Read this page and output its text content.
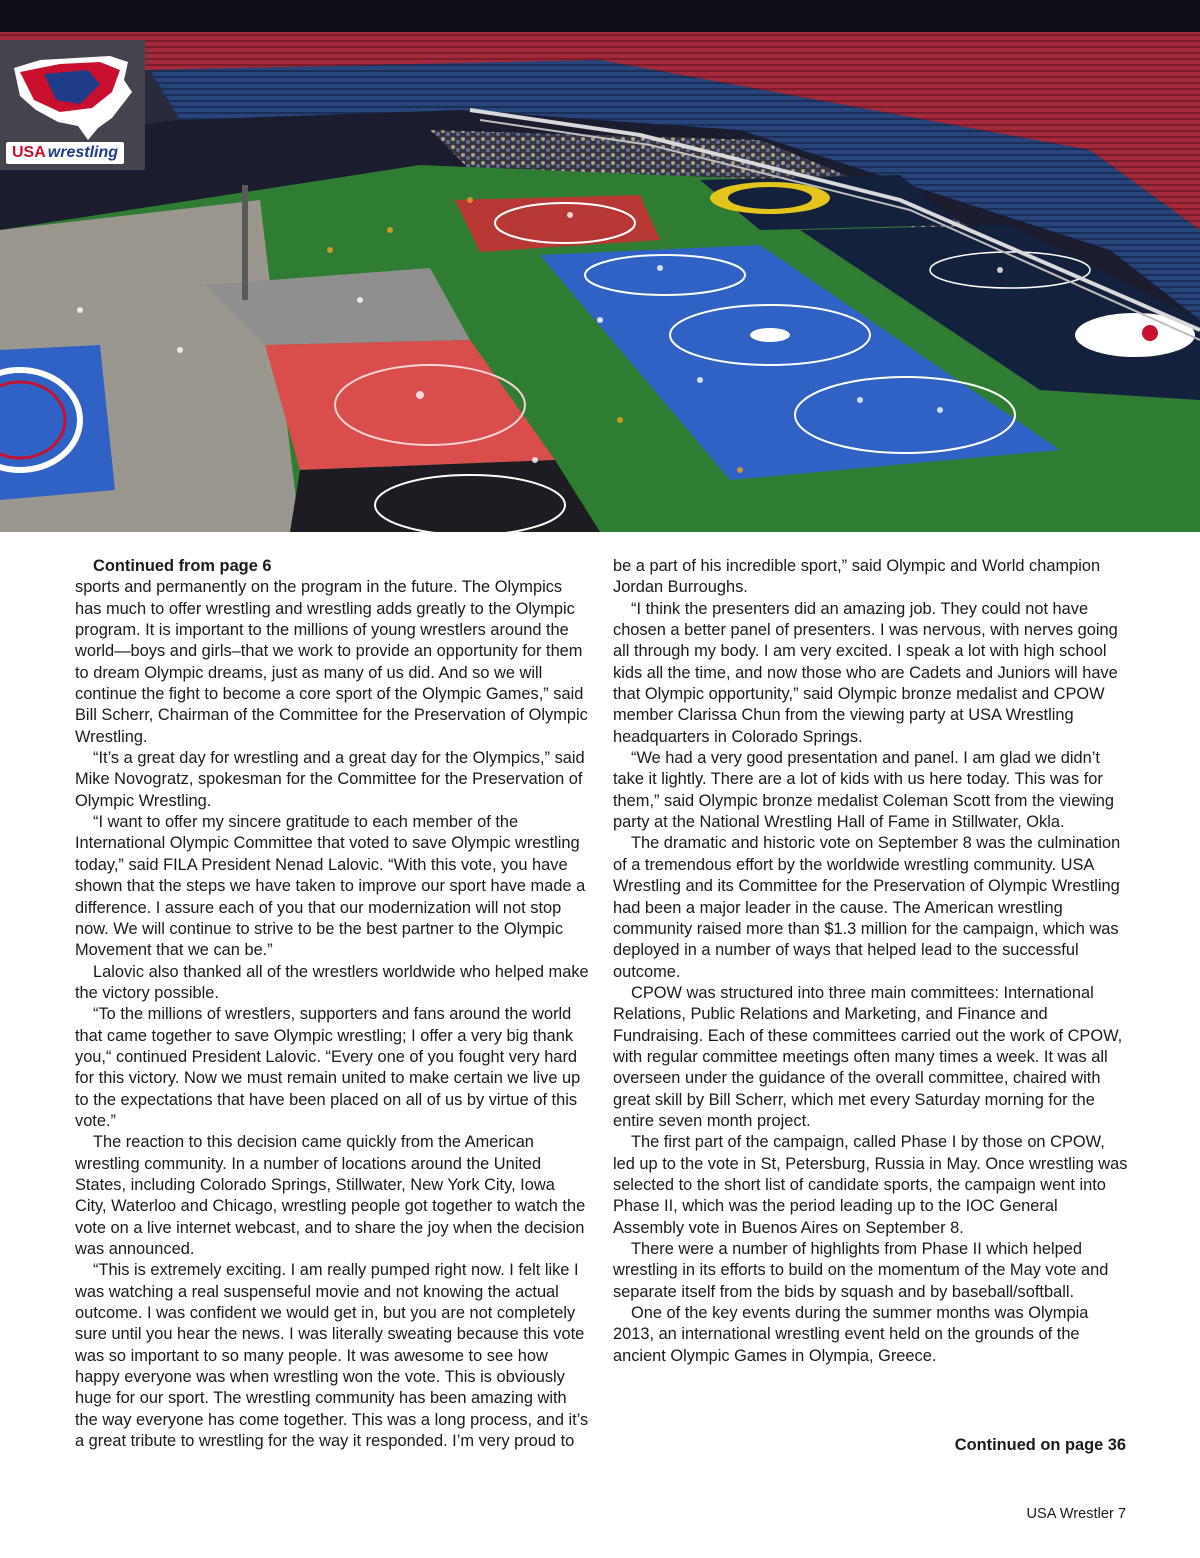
USA wrestling

Continued from page 6

sports and permanently on the program in the future. The Olympics has much to offer wrestling and wrestling adds greatly to the Olympic program. It is important to the millions of young wrestlers around the world—boys and girls–that we work to provide an opportunity for them to dream Olympic dreams, just as many of us did. And so we will continue the fight to become a core sport of the Olympic Games,” said Bill Scherr, Chairman of the Committee for the Preservation of Olympic Wrestling.

“It’s a great day for wrestling and a great day for the Olympics,” said Mike Novogratz, spokesman for the Committee for the Preservation of Olympic Wrestling.

“I want to offer my sincere gratitude to each member of the International Olympic Committee that voted to save Olympic wrestling today,” said FILA President Nenad Lalovic. “With this vote, you have shown that the steps we have taken to improve our sport have made a difference. I assure each of you that our modernization will not stop now. We will continue to strive to be the best partner to the Olympic Movement that we can be.”

Lalovic also thanked all of the wrestlers worldwide who helped make the victory possible.

“To the millions of wrestlers, supporters and fans around the world that came together to save Olympic wrestling; I offer a very big thank you,“ continued President Lalovic. “Every one of you fought very hard for this victory. Now we must remain united to make certain we live up to the expectations that have been placed on all of us by virtue of this vote.”

The reaction to this decision came quickly from the American wrestling community. In a number of locations around the United States, including Colorado Springs, Stillwater, New York City, Iowa City, Waterloo and Chicago, wrestling people got together to watch the vote on a live internet webcast, and to share the joy when the decision was announced.

“This is extremely exciting. I am really pumped right now. I felt like I was watching a real suspenseful movie and not knowing the actual outcome. I was confident we would get in, but you are not completely sure until you hear the news. I was literally sweating because this vote was so important to so many people. It was awesome to see how happy everyone was when wrestling won the vote. This is obviously huge for our sport. The wrestling community has been amazing with the way everyone has come together. This was a long process, and it’s a great tribute to wrestling for the way it responded. I’m very proud to

be a part of his incredible sport,” said Olympic and World champion Jordan Burroughs.

“I think the presenters did an amazing job. They could not have chosen a better panel of presenters. I was nervous, with nerves going all through my body. I am very excited. I speak a lot with high school kids all the time, and now those who are Cadets and Juniors will have that Olympic opportunity,” said Olympic bronze medalist and CPOW member Clarissa Chun from the viewing party at USA Wrestling headquarters in Colorado Springs.

“We had a very good presentation and panel. I am glad we didn’t take it lightly. There are a lot of kids with us here today. This was for them,” said Olympic bronze medalist Coleman Scott from the viewing party at the National Wrestling Hall of Fame in Stillwater, Okla.

The dramatic and historic vote on September 8 was the culmination of a tremendous effort by the worldwide wrestling community. USA Wrestling and its Committee for the Preservation of Olympic Wrestling had been a major leader in the cause. The American wrestling community raised more than $1.3 million for the campaign, which was deployed in a number of ways that helped lead to the successful outcome.

CPOW was structured into three main committees: International Relations, Public Relations and Marketing, and Finance and Fundraising. Each of these committees carried out the work of CPOW, with regular committee meetings often many times a week. It was all overseen under the guidance of the overall committee, chaired with great skill by Bill Scherr, which met every Saturday morning for the entire seven month project.

The first part of the campaign, called Phase I by those on CPOW, led up to the vote in St, Petersburg, Russia in May. Once wrestling was selected to the short list of candidate sports, the campaign went into Phase II, which was the period leading up to the IOC General Assembly vote in Buenos Aires on September 8.

There were a number of highlights from Phase II which helped wrestling in its efforts to build on the momentum of the May vote and separate itself from the bids by squash and by baseball/softball.

One of the key events during the summer months was Olympia 2013, an international wrestling event held on the grounds of the ancient Olympic Games in Olympia, Greece.

Continued on page 36
USA Wrestler 7
